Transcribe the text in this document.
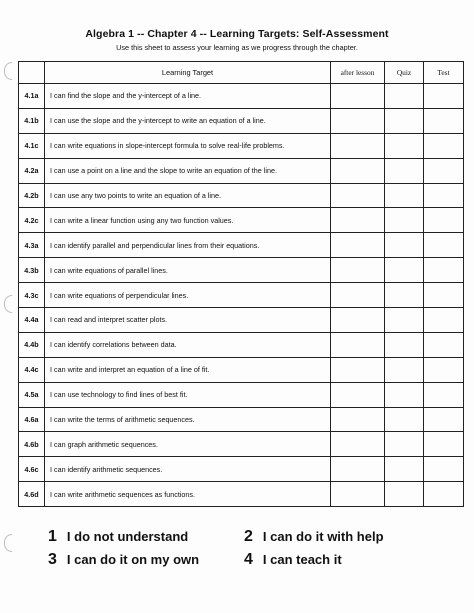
Algebra 1 -- Chapter 4 -- Learning Targets: Self-Assessment
Use this sheet to assess your learning as we progress through the chapter.
	Learning Target	after lesson	Quiz	Test
4.1a	I can find the slope and the y-intercept of a line.			
4.1b	I can use the slope and the y-intercept to write an equation of a line.			
4.1c	I can write equations in slope-intercept formula to solve real-life problems.			
4.2a	I can use a point on a line and the slope to write an equation of the line.			
4.2b	I can use any two points to write an equation of a line.			
4.2c	I can write a linear function using any two function values.			
4.3a	I can identify parallel and perpendicular lines from their equations.			
4.3b	I can write equations of parallel lines.			
4.3c	I can write equations of perpendicular lines.			
4.4a	I can read and interpret scatter plots.			
4.4b	I can identify correlations between data.			
4.4c	I can write and interpret an equation of a line of fit.			
4.5a	I can use technology to find lines of best fit.			
4.6a	I can write the terms of arithmetic sequences.			
4.6b	I can graph arithmetic sequences.			
4.6c	I can identify arithmetic sequences.			
4.6d	I can write arithmetic sequences as functions.			
1 I do not understand	2 I can do it with help
3 I can do it on my own	4 I can teach it
